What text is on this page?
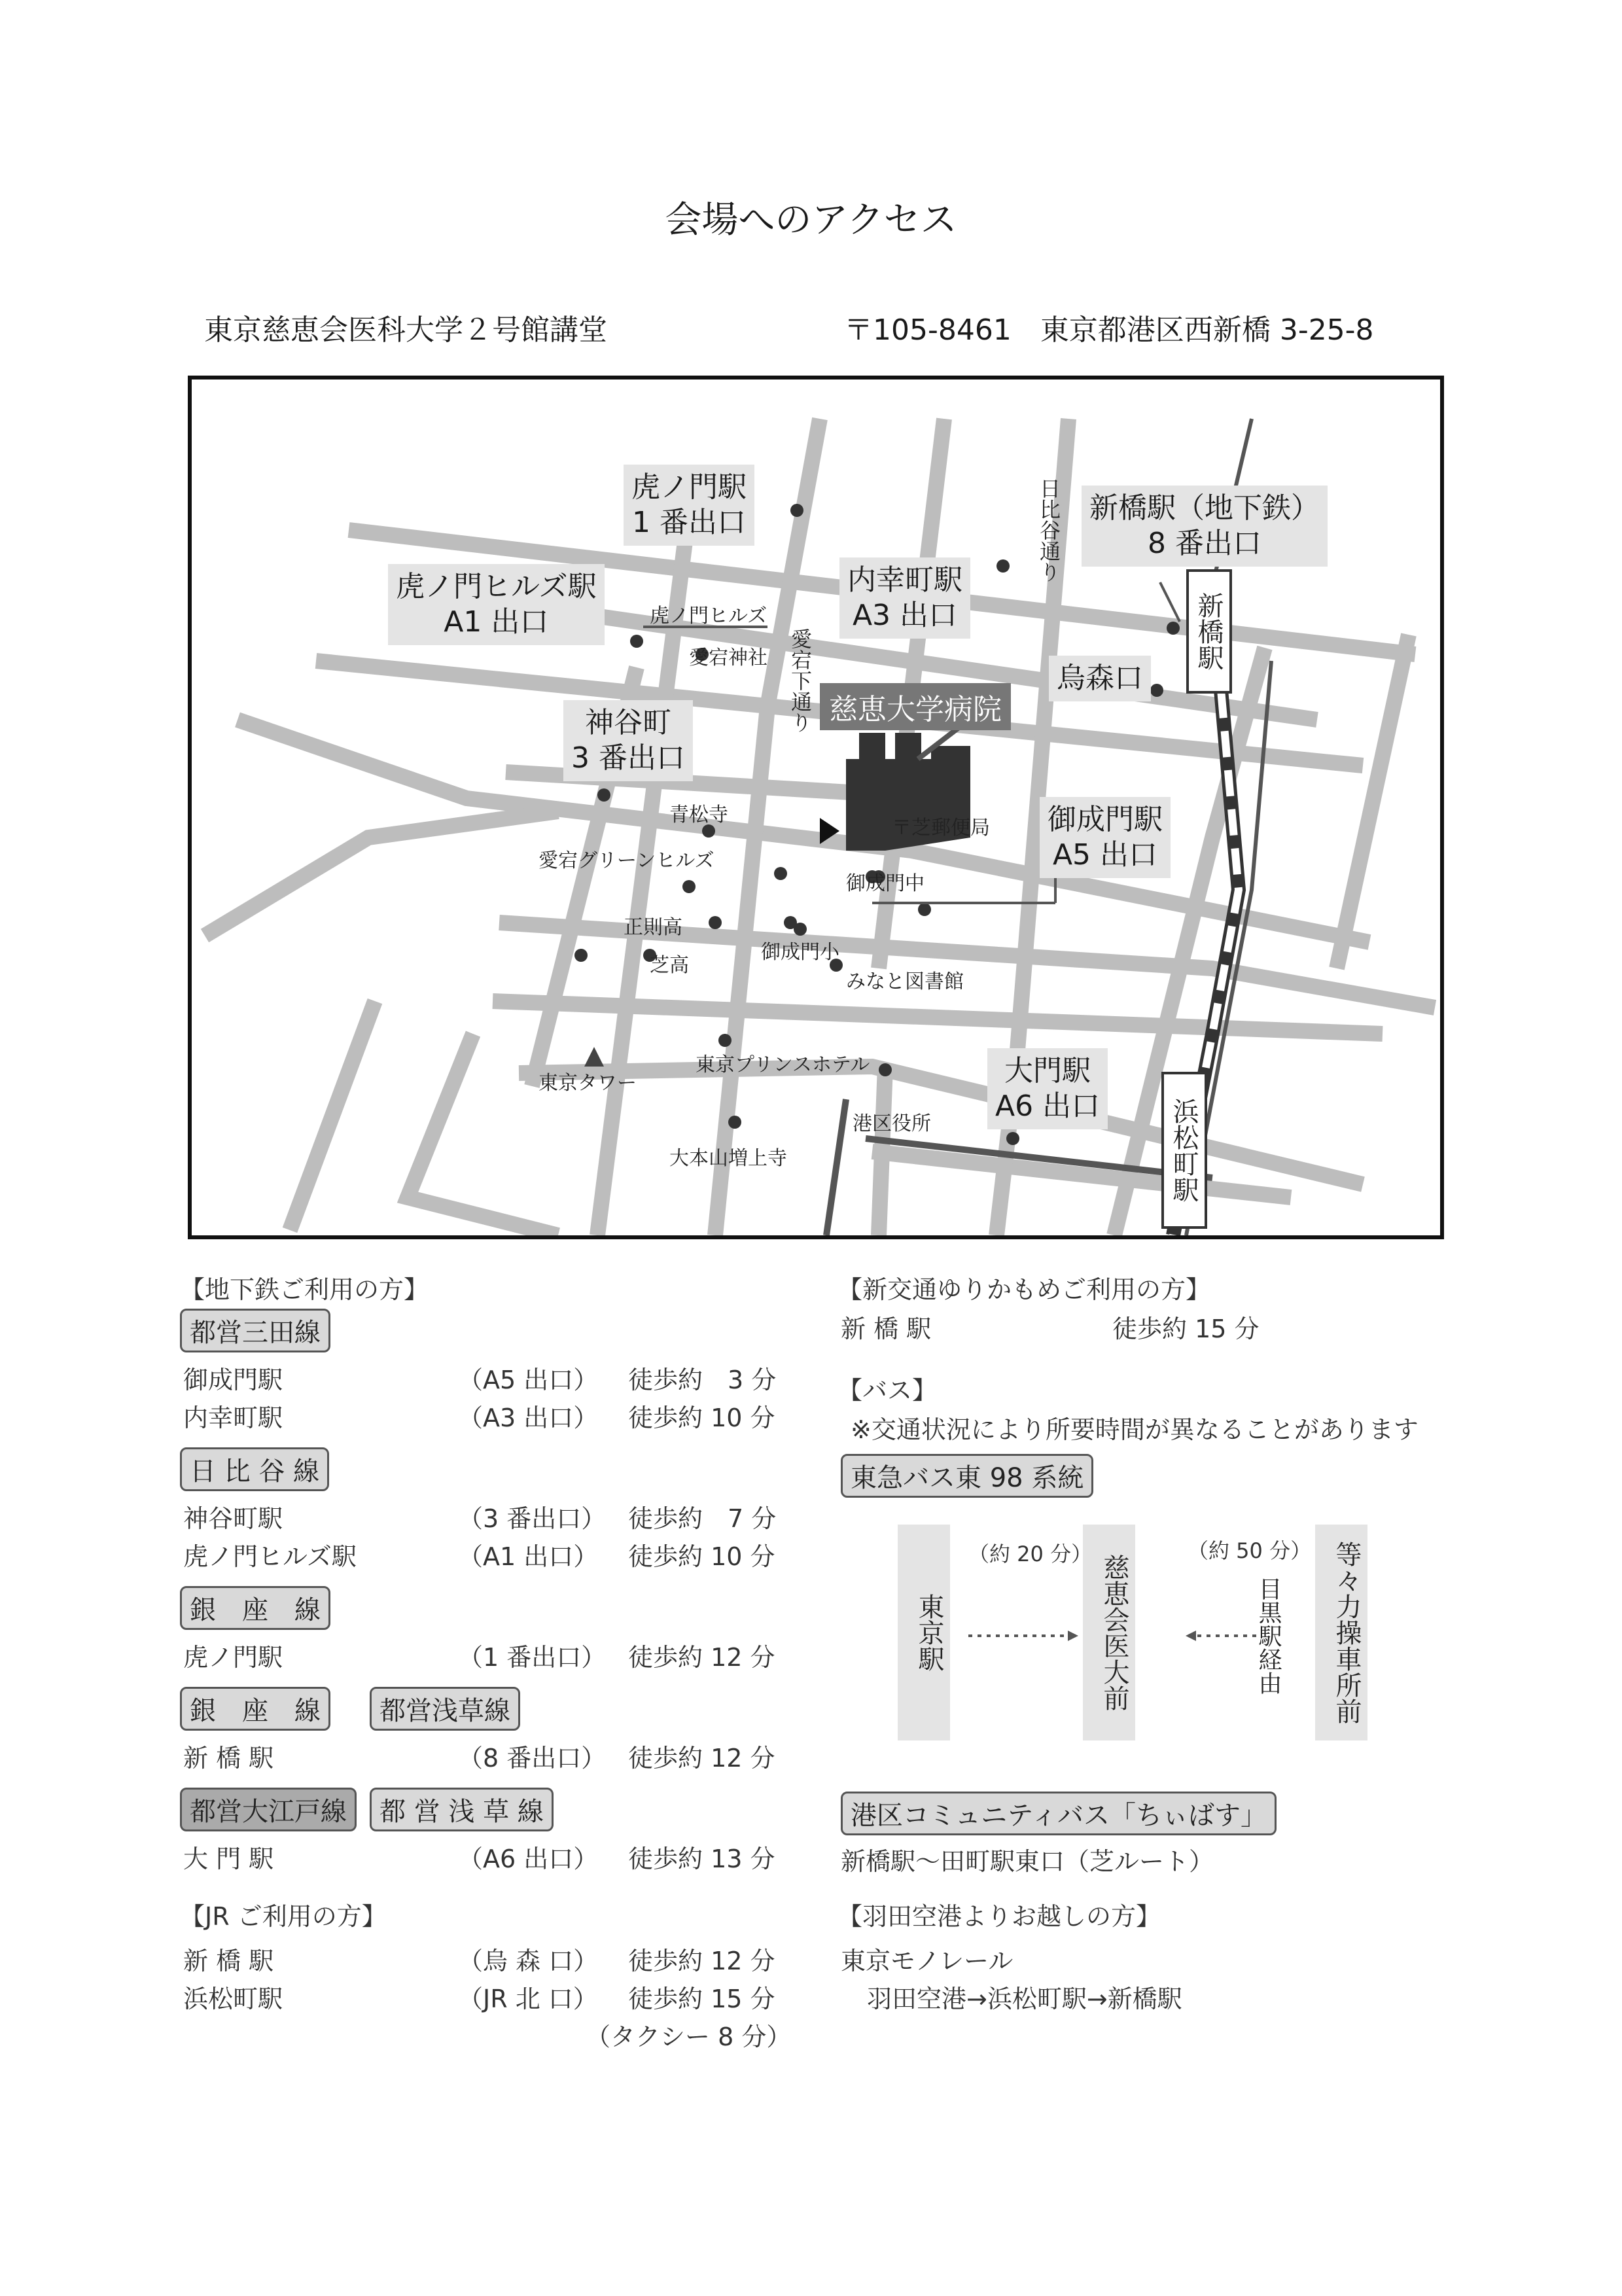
会場へのアクセス
東京慈恵会医科大学２号館講堂	〒105-8461　東京都港区西新橋 3-25-8
虎ノ門駅
1 番出口
虎ノ門ヒルズ駅
A1 出口
内幸町駅
A3 出口
新橋駅（地下鉄）
8 番出口
神谷町
3 番出口
御成門駅
A5 出口
大門駅
A6 出口
烏森口
慈恵大学病院
新橋駅
浜松町駅
日比谷通り
愛宕下通り
虎ノ門ヒルズ
愛宕神社
青松寺
愛宕グリーンヒルズ
〒芝郵便局
御成門中
正則高
芝高
御成門小
みなと図書館
東京タワー
東京プリンスホテル
港区役所
大本山増上寺
【地下鉄ご利用の方】
都営三田線
御成門駅	（A5 出口） 徒歩約　3 分
内幸町駅	（A3 出口） 徒歩約 10 分
日 比 谷 線
神谷町駅	（3 番出口） 徒歩約　7 分
虎ノ門ヒルズ駅	（A1 出口） 徒歩約 10 分
銀　座　線
虎ノ門駅	（1 番出口） 徒歩約 12 分
銀　座　線	都営浅草線
新 橋 駅	（8 番出口） 徒歩約 12 分
都営大江戸線	都 営 浅 草 線
大 門 駅	（A6 出口） 徒歩約 13 分
【JR ご利用の方】
新 橋 駅	（烏 森 口） 徒歩約 12 分
浜松町駅	（JR 北 口） 徒歩約 15 分
（タクシー 8 分）
【新交通ゆりかもめご利用の方】
新 橋 駅	徒歩約 15 分
【バス】
※交通状況により所要時間が異なることがあります
東急バス東 98 系統
東京駅	慈恵会医大前	等々力操車所前
目黒駅経由
（約 20 分）	（約 50 分）
港区コミュニティバス「ちぃばす」
新橋駅〜田町駅東口（芝ルート）
【羽田空港よりお越しの方】
東京モノレール
羽田空港→浜松町駅→新橋駅
